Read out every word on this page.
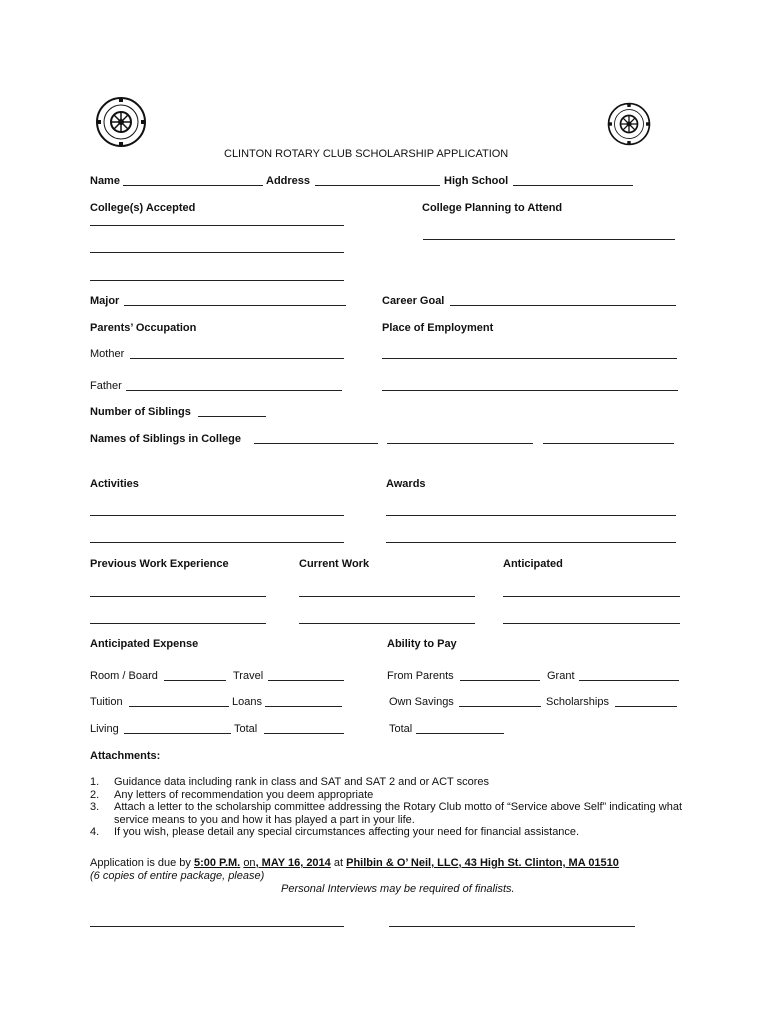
CLINTON ROTARY CLUB SCHOLARSHIP APPLICATION
Name	Address	High School
College(s) Accepted	College Planning to Attend
Major	Career Goal
Parents’ Occupation	Place of Employment
Mother
Father
Number of Siblings
Names of Siblings in College
Activities	Awards
Previous Work Experience	Current Work	Anticipated
Anticipated Expense	Ability to Pay
Room / Board	Travel	From Parents	Grant
Tuition	Loans	Own Savings	Scholarships
Living	Total	Total
Attachments:
1. Guidance data including rank in class and SAT and SAT 2 and or ACT scores
2. Any letters of recommendation you deem appropriate
3. Attach a letter to the scholarship committee addressing the Rotary Club motto of “Service above Self” indicating what service means to you and how it has played a part in your life.
4. If you wish, please detail any special circumstances affecting your need for financial assistance.
Application is due by 5:00 P.M. on, MAY 16, 2014 at Philbin & O’ Neil, LLC, 43 High St. Clinton, MA 01510
(6 copies of entire package, please)
Personal Interviews may be required of finalists.
